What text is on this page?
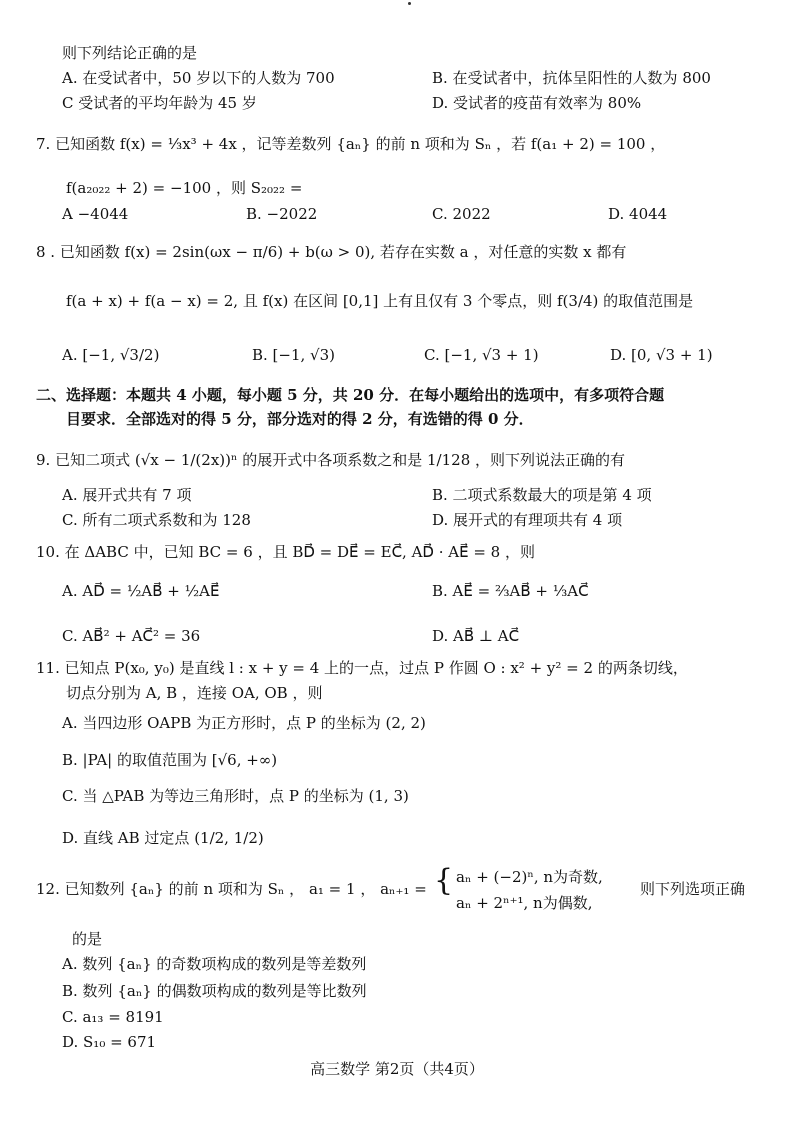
则下列结论正确的是
A. 在受试者中，50 岁以下的人数为 700	B. 在受试者中，抗体呈阳性的人数为 800
C 受试者的平均年龄为 45 岁	D. 受试者的疫苗有效率为 80%
7. 已知函数 f(x) = ⅓x³ + 4x ，记等差数列 {aₙ} 的前 n 项和为 Sₙ ，若 f(a₁ + 2) = 100 ，
f(a₂₀₂₂ + 2) = −100 ，则 S₂₀₂₂ =
A −4044	B. −2022	C. 2022	D. 4044
8 . 已知函数 f(x) = 2sin(ωx − π/6) + b(ω > 0), 若存在实数 a ，对任意的实数 x 都有
f(a + x) + f(a − x) = 2, 且 f(x) 在区间 [0,1] 上有且仅有 3 个零点，则 f(3/4) 的取值范围是
A. [−1, √3/2)	B. [−1, √3)	C. [−1, √3 + 1)	D. [0, √3 + 1)
二、选择题：本题共 4 小题，每小题 5 分，共 20 分．在每小题给出的选项中，有多项符合题
目要求．全部选对的得 5 分，部分选对的得 2 分，有选错的得 0 分．
9. 已知二项式 (√x − 1/(2x))ⁿ 的展开式中各项系数之和是 1/128 ，则下列说法正确的有
A. 展开式共有 7 项	B. 二项式系数最大的项是第 4 项
C. 所有二项式系数和为 128	D. 展开式的有理项共有 4 项
10. 在 ΔABC 中，已知 BC = 6 ，且 BD⃗ = DE⃗ = EC⃗, AD⃗ · AE⃗ = 8 ，则
A. AD⃗ = ½AB⃗ + ½AE⃗	B. AE⃗ = ⅔AB⃗ + ⅓AC⃗
C. AB⃗² + AC⃗² = 36	D. AB⃗ ⊥ AC⃗
11. 已知点 P(x₀, y₀) 是直线 l : x + y = 4 上的一点，过点 P 作圆 O : x² + y² = 2 的两条切线，
切点分别为 A, B ，连接 OA, OB ，则
A. 当四边形 OAPB 为正方形时，点 P 的坐标为 (2, 2)
B. |PA| 的取值范围为 [√6, +∞)
C. 当 △PAB 为等边三角形时，点 P 的坐标为 (1, 3)
D. 直线 AB 过定点 (1/2, 1/2)
12. 已知数列 {aₙ} 的前 n 项和为 Sₙ ， a₁ = 1 ， aₙ₊₁ = { aₙ + (−2)ⁿ, n为奇数,
aₙ + 2ⁿ⁺¹, n为偶数,
则下列选项正确
的是
A. 数列 {aₙ} 的奇数项构成的数列是等差数列
B. 数列 {aₙ} 的偶数项构成的数列是等比数列
C. a₁₃ = 8191
D. S₁₀ = 671
高三数学 第2页（共4页）
